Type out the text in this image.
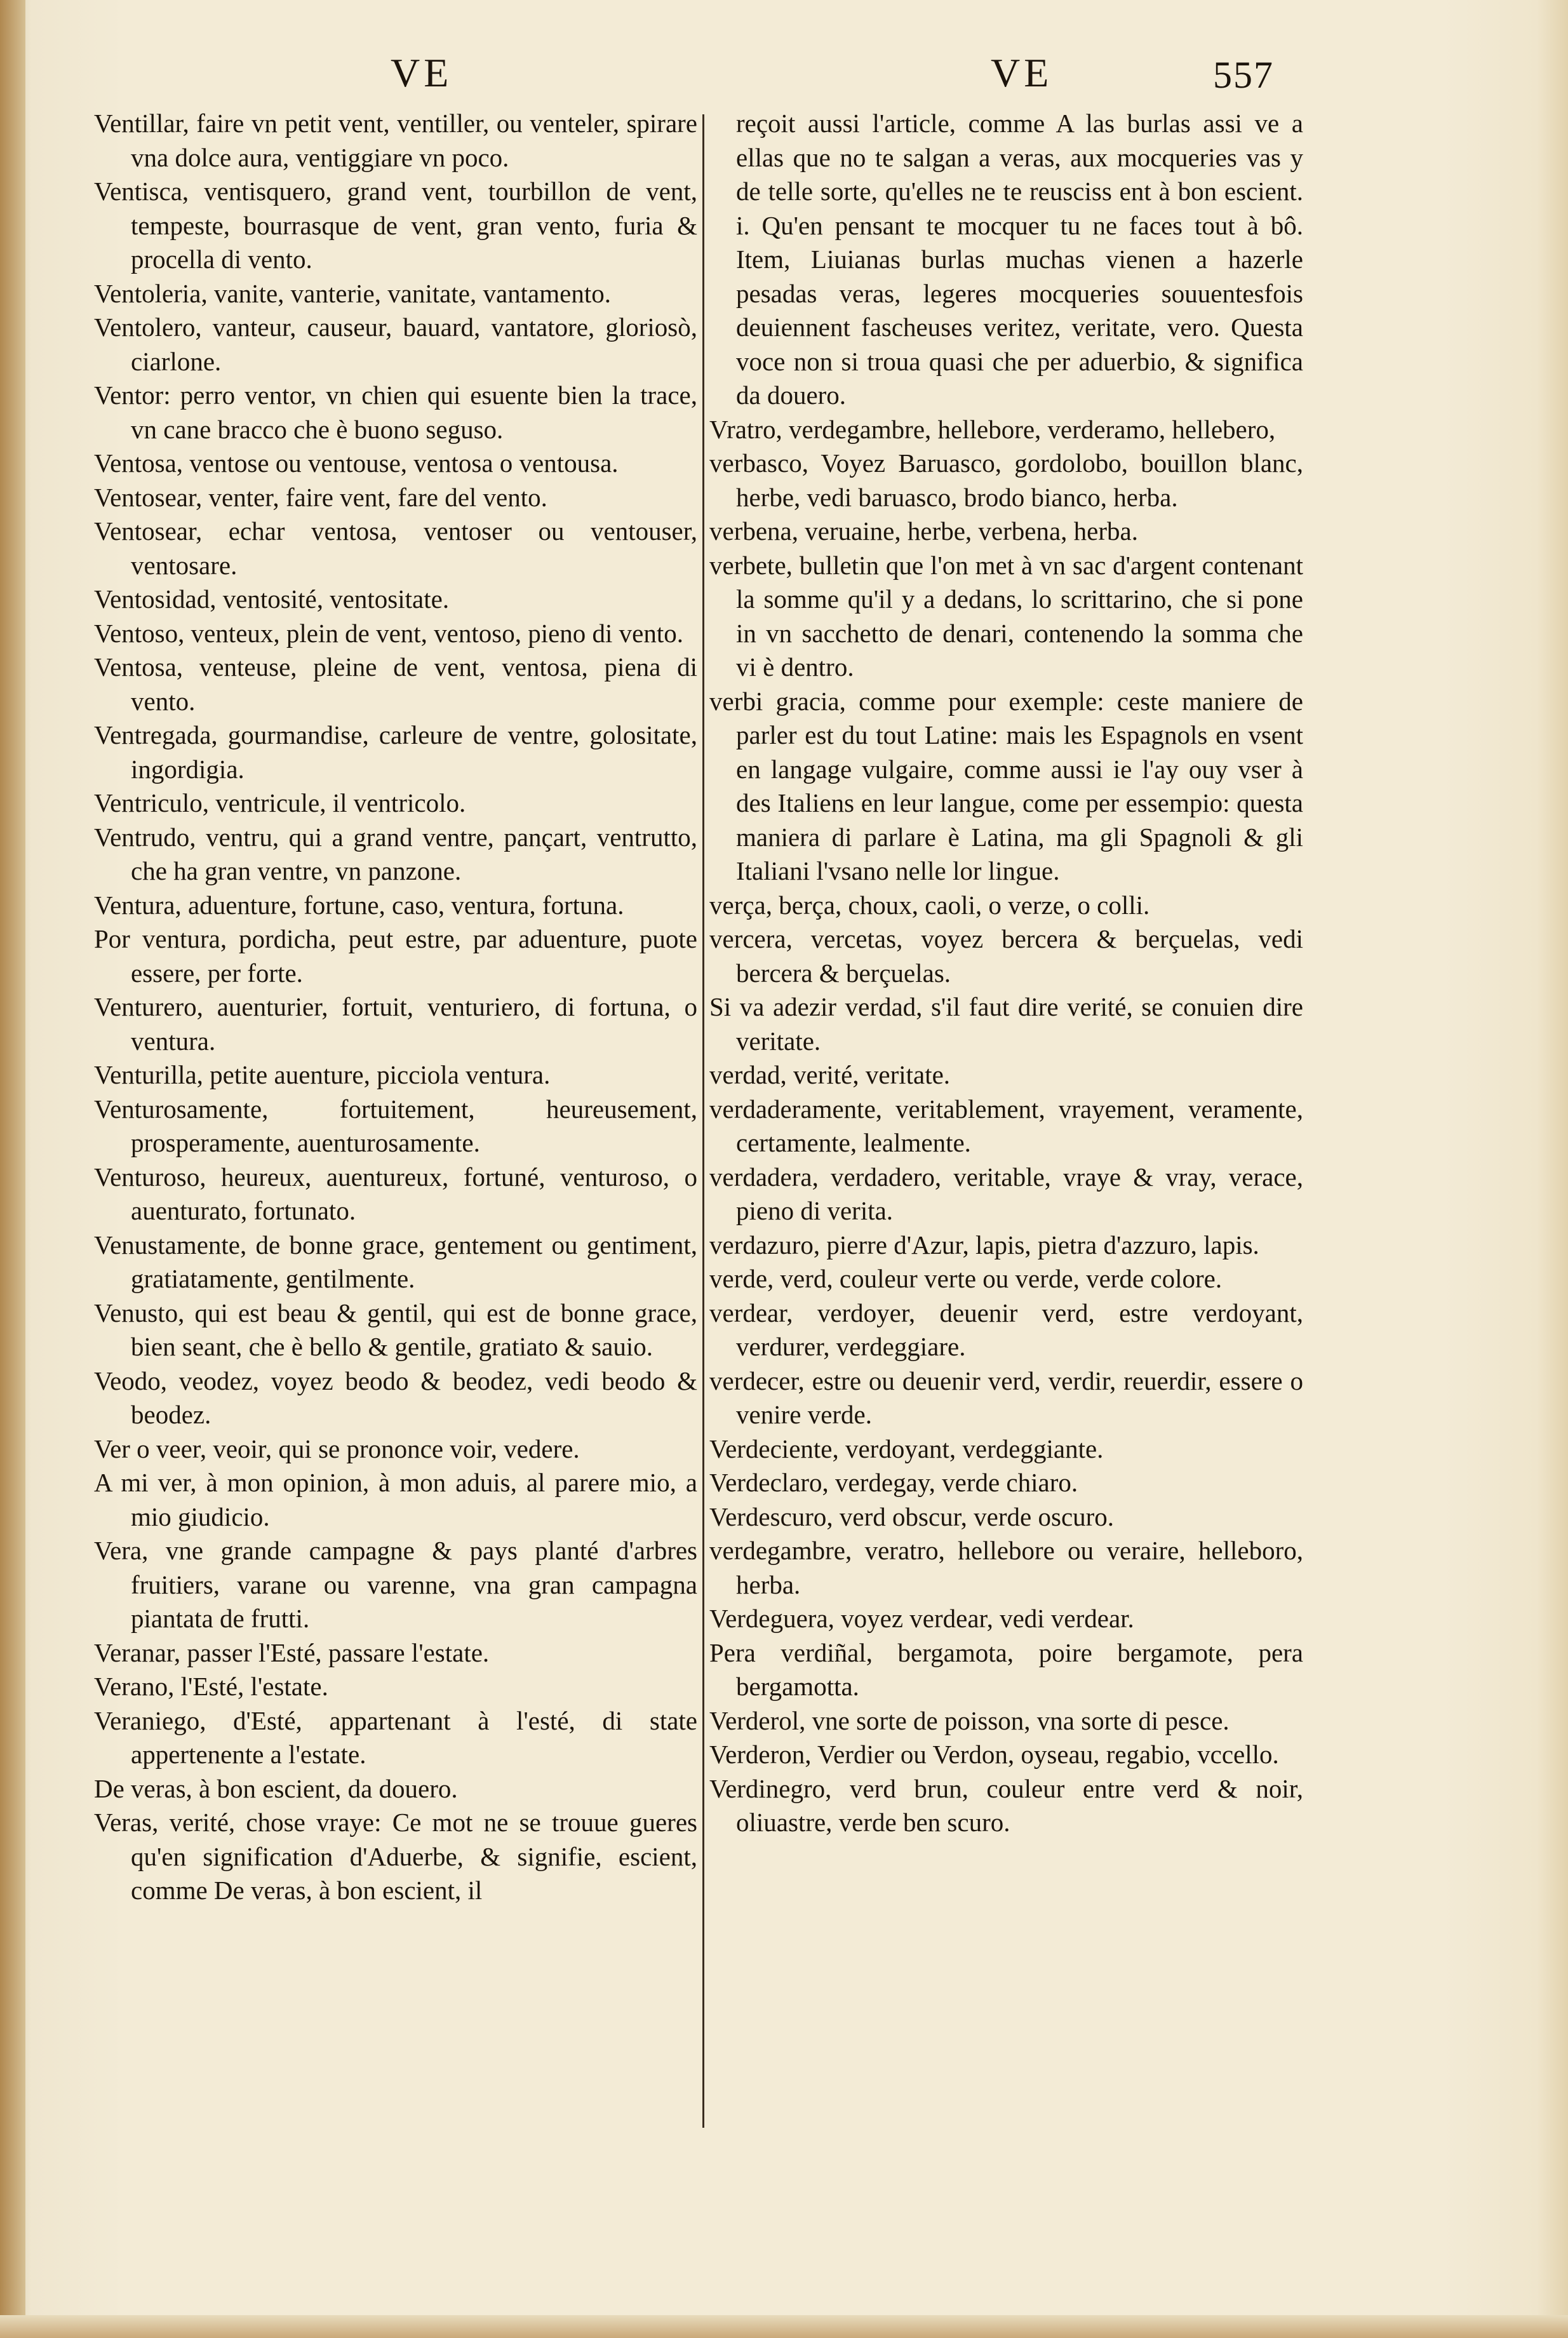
VE	VE	557

Ventillar, faire vn petit vent, ventiller, ou venteler, spirare vna dolce aura, ventiggiare vn poco.

Ventisca, ventisquero, grand vent, tourbillon de vent, tempeste, bourrasque de vent, gran vento, furia & procella di vento.

Ventoleria, vanite, vanterie, vanitate, vantamento.

Ventolero, vanteur, causeur, bauard, vantatore, gloriosò, ciarlone.

Ventor: perro ventor, vn chien qui esuente bien la trace, vn cane bracco che è buono seguso.

Ventosa, ventose ou ventouse, ventosa o ventousa.

Ventosear, venter, faire vent, fare del vento.

Ventosear, echar ventosa, ventoser ou ventouser, ventosare.

Ventosidad, ventosité, ventositate.

Ventoso, venteux, plein de vent, ventoso, pieno di vento.

Ventosa, venteuse, pleine de vent, ventosa, piena di vento.

Ventregada, gourmandise, carleure de ventre, golositate, ingordigia.

Ventriculo, ventricule, il ventricolo.

Ventrudo, ventru, qui a grand ventre, pançart, ventrutto, che ha gran ventre, vn panzone.

Ventura, aduenture, fortune, caso, ventura, fortuna.

Por ventura, pordicha, peut estre, par aduenture, puote essere, per forte.

Venturero, auenturier, fortuit, venturiero, di fortuna, o ventura.

Venturilla, petite auenture, picciola ventura.

Venturosamente, fortuitement, heureusement, prosperamente, auenturosamente.

Venturoso, heureux, auentureux, fortuné, venturoso, o auenturato, fortunato.

Venustamente, de bonne grace, gentement ou gentiment, gratiatamente, gentilmente.

Venusto, qui est beau & gentil, qui est de bonne grace, bien seant, che è bello & gentile, gratiato & sauio.

Veodo, veodez, voyez beodo & beodez, vedi beodo & beodez.

Ver o veer, veoir, qui se prononce voir, vedere.

A mi ver, à mon opinion, à mon aduis, al parere mio, a mio giudicio.

Vera, vne grande campagne & pays planté d'arbres fruitiers, varane ou varenne, vna gran campagna piantata de frutti.

Veranar, passer l'Esté, passare l'estate.

Verano, l'Esté, l'estate.

Veraniego, d'Esté, appartenant à l'esté, di state appertenente a l'estate.

De veras, à bon escient, da douero.

Veras, verité, chose vraye: Ce mot ne se trouue gueres qu'en signification d'Aduerbe, & signifie, escient, comme De veras, à bon escient, il

reçoit aussi l'article, comme A las burlas assi ve a ellas que no te salgan a veras, aux mocqueries vas y de telle sorte, qu'elles ne te reusciss ent à bon escient. i. Qu'en pensant te mocquer tu ne faces tout à bô. Item, Liuianas burlas muchas vienen a hazerle pesadas veras, legeres mocqueries souuentesfois deuiennent fascheuses veritez, veritate, vero. Questa voce non si troua quasi che per aduerbio, & significa da douero.

Vratro, verdegambre, hellebore, verderamo, hellebero,

verbasco, Voyez Baruasco, gordolobo, bouillon blanc, herbe, vedi baruasco, brodo bianco, herba.

verbena, veruaine, herbe, verbena, herba.

verbete, bulletin que l'on met à vn sac d'argent contenant la somme qu'il y a dedans, lo scrittarino, che si pone in vn sacchetto de denari, contenendo la somma che vi è dentro.

verbi gracia, comme pour exemple: ceste maniere de parler est du tout Latine: mais les Espagnols en vsent en langage vulgaire, comme aussi ie l'ay ouy vser à des Italiens en leur langue, come per essempio: questa maniera di parlare è Latina, ma gli Spagnoli & gli Italiani l'vsano nelle lor lingue.

verça, berça, choux, caoli, o verze, o colli.

vercera, vercetas, voyez bercera & berçuelas, vedi bercera & berçuelas.

Si va adezir verdad, s'il faut dire verité, se conuien dire veritate.

verdad, verité, veritate.

verdaderamente, veritablement, vrayement, veramente, certamente, lealmente.

verdadera, verdadero, veritable, vraye & vray, verace, pieno di verita.

verdazuro, pierre d'Azur, lapis, pietra d'azzuro, lapis.

verde, verd, couleur verte ou verde, verde colore.

verdear, verdoyer, deuenir verd, estre verdoyant, verdurer, verdeggiare.

verdecer, estre ou deuenir verd, verdir, reuerdir, essere o venire verde.

Verdeciente, verdoyant, verdeggiante.

Verdeclaro, verdegay, verde chiaro.

Verdescuro, verd obscur, verde oscuro.

verdegambre, veratro, hellebore ou veraire, helleboro, herba.

Verdeguera, voyez verdear, vedi verdear.

Pera verdiñal, bergamota, poire bergamote, pera bergamotta.

Verderol, vne sorte de poisson, vna sorte di pesce.

Verderon, Verdier ou Verdon, oyseau, regabio, vccello.

Verdinegro, verd brun, couleur entre verd & noir, oliuastre, verde ben scuro.
